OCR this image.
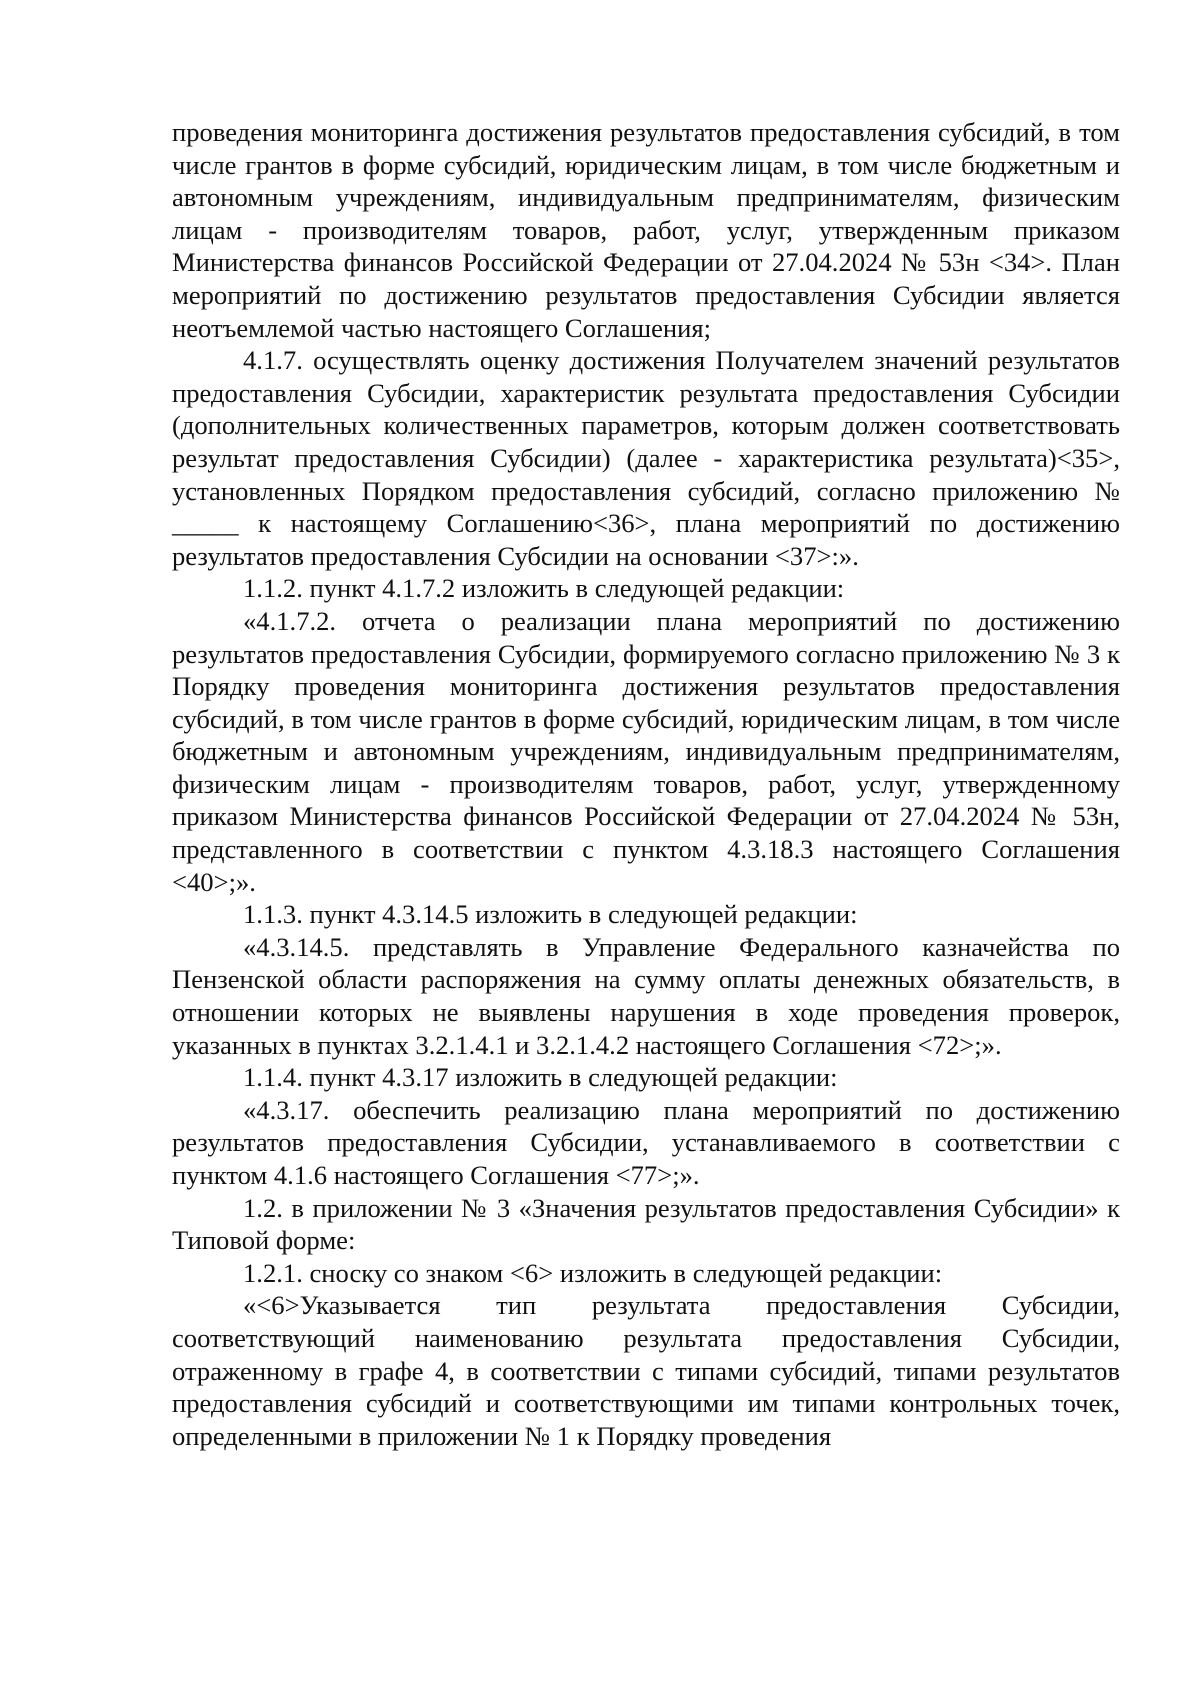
проведения мониторинга достижения результатов предоставления субсидий, в том числе грантов в форме субсидий, юридическим лицам, в том числе бюджетным и автономным учреждениям, индивидуальным предпринимателям, физическим лицам - производителям товаров, работ, услуг, утвержденным приказом Министерства финансов Российской Федерации от 27.04.2024 № 53н <34>. План мероприятий по достижению результатов предоставления Субсидии является неотъемлемой частью настоящего Соглашения;

4.1.7. осуществлять оценку достижения Получателем значений результатов предоставления Субсидии, характеристик результата предоставления Субсидии (дополнительных количественных параметров, которым должен соответствовать результат предоставления Субсидии) (далее - характеристика результата)<35>, установленных Порядком предоставления субсидий, согласно приложению № _____ к настоящему Соглашению<36>, плана мероприятий по достижению результатов предоставления Субсидии на основании <37>:».

1.1.2. пункт 4.1.7.2 изложить в следующей редакции:

«4.1.7.2. отчета о реализации плана мероприятий по достижению результатов предоставления Субсидии, формируемого согласно приложению № 3 к Порядку проведения мониторинга достижения результатов предоставления субсидий, в том числе грантов в форме субсидий, юридическим лицам, в том числе бюджетным и автономным учреждениям, индивидуальным предпринимателям, физическим лицам - производителям товаров, работ, услуг, утвержденному приказом Министерства финансов Российской Федерации от 27.04.2024 № 53н, представленного в соответствии с пунктом 4.3.18.3 настоящего Соглашения <40>;».

1.1.3. пункт 4.3.14.5 изложить в следующей редакции:

«4.3.14.5. представлять в Управление Федерального казначейства по Пензенской области распоряжения на сумму оплаты денежных обязательств, в отношении которых не выявлены нарушения в ходе проведения проверок, указанных в пунктах 3.2.1.4.1 и 3.2.1.4.2 настоящего Соглашения <72>;».

1.1.4. пункт 4.3.17 изложить в следующей редакции:

«4.3.17. обеспечить реализацию плана мероприятий по достижению результатов предоставления Субсидии, устанавливаемого в соответствии с пунктом 4.1.6 настоящего Соглашения <77>;».

1.2. в приложении № 3 «Значения результатов предоставления Субсидии» к Типовой форме:

1.2.1. сноску со знаком <6> изложить в следующей редакции:

«<6>Указывается тип результата предоставления Субсидии, соответствующий наименованию результата предоставления Субсидии, отраженному в графе 4, в соответствии с типами субсидий, типами результатов предоставления субсидий и соответствующими им типами контрольных точек, определенными в приложении № 1 к Порядку проведения
